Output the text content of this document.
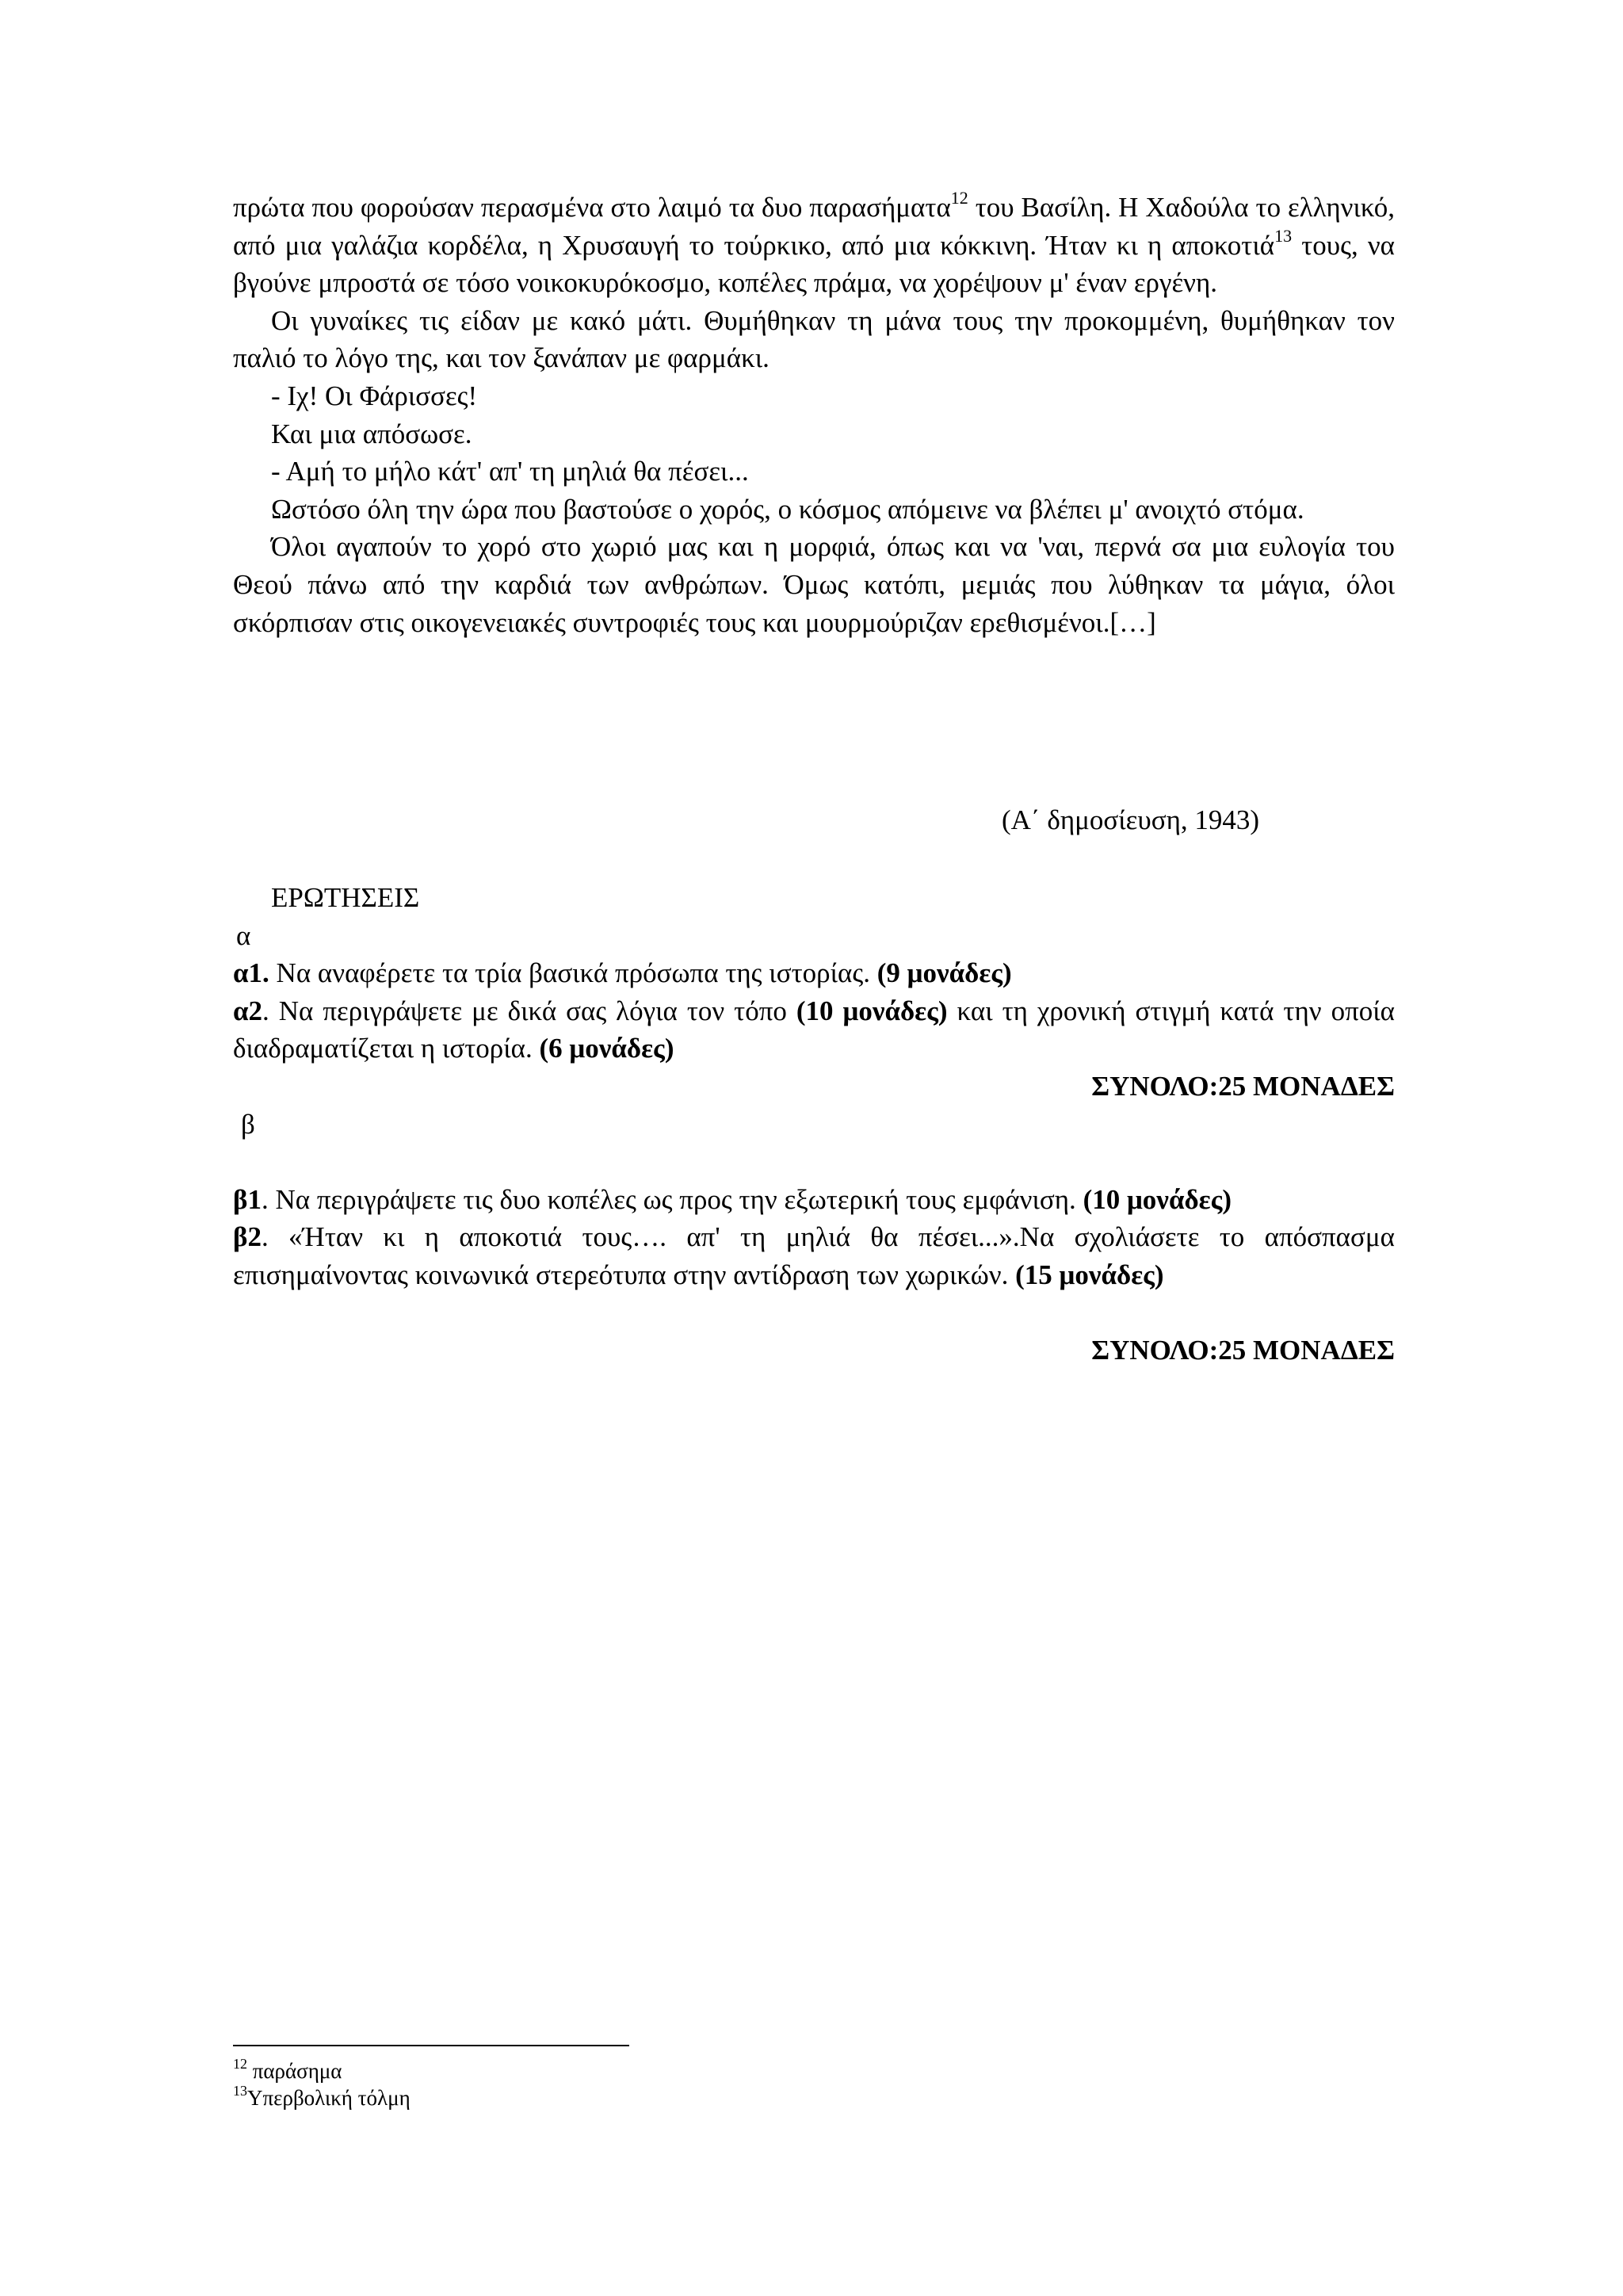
πρώτα που φορούσαν περασμένα στο λαιμό τα δυο παρασήματα$^{12}$ του Βασίλη. Η Χαδούλα το ελληνικό, από μια γαλάζια κορδέλα, η Χρυσαυγή το τούρκικο, από μια κόκκινη. Ήταν κι η αποκοτιά$^{13}$ τους, να βγούνε μπροστά σε τόσο νοικοκυρόκοσμο, κοπέλες πράμα, να χορέψουν μ' έναν εργένη.

Οι γυναίκες τις είδαν με κακό μάτι. Θυμήθηκαν τη μάνα τους την προκομμένη, θυμήθηκαν τον παλιό το λόγο της, και τον ξανάπαν με φαρμάκι.

- Ιχ! Οι Φάρισσες!

Και μια απόσωσε.

- Αμή το μήλο κάτ' απ' τη μηλιά θα πέσει...

Ωστόσο όλη την ώρα που βαστούσε ο χορός, ο κόσμος απόμεινε να βλέπει μ' ανοιχτό στόμα.

Όλοι αγαπούν το χορό στο χωριό μας και η μορφιά, όπως και να 'ναι, περνά σα μια ευλογία του Θεού πάνω από την καρδιά των ανθρώπων. Όμως κατόπι, μεμιάς που λύθηκαν τα μάγια, όλοι σκόρπισαν στις οικογενειακές συντροφιές τους και μουρμούριζαν ερεθισμένοι.[…]

(Α΄ δημοσίευση, 1943)

ΕΡΩΤΗΣΕΙΣ

α

α1. Να αναφέρετε τα τρία βασικά πρόσωπα της ιστορίας. (9 μονάδες)

α2. Να περιγράψετε με δικά σας λόγια τον τόπο (10 μονάδες) και τη χρονική στιγμή κατά την οποία διαδραματίζεται η ιστορία. (6 μονάδες)

ΣΥΝΟΛΟ:25 ΜΟΝΑΔΕΣ

β

β1. Να περιγράψετε τις δυο κοπέλες ως προς την εξωτερική τους εμφάνιση. (10 μονάδες)

β2. «Ήταν κι η αποκοτιά τους…. απ' τη μηλιά θα πέσει...».Να σχολιάσετε το απόσπασμα επισημαίνοντας κοινωνικά στερεότυπα στην αντίδραση των χωρικών. (15 μονάδες)

ΣΥΝΟΛΟ:25 ΜΟΝΑΔΕΣ

$^{12}$ παράσημα
$^{13}$Υπερβολική τόλμη
